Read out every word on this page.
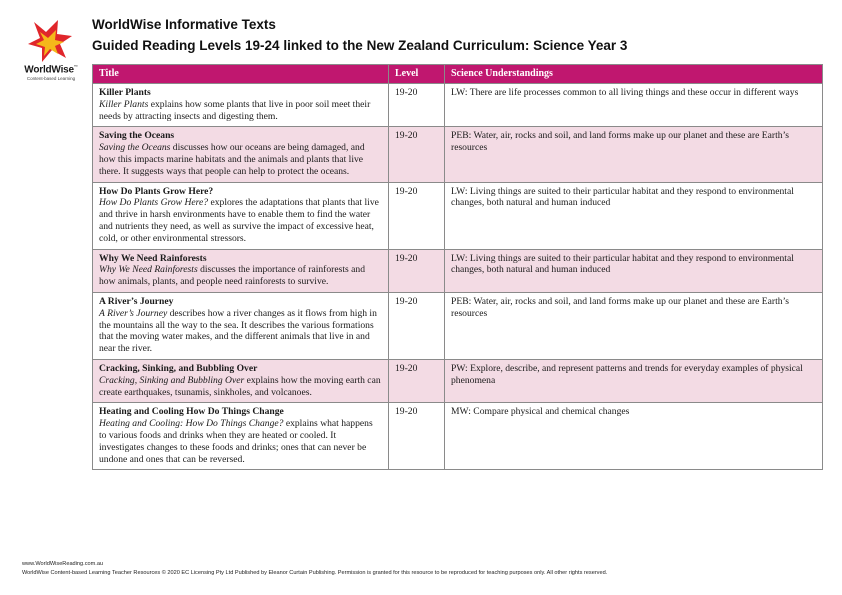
WorldWise™
Content-based Learning
WorldWise Informative Texts
Guided Reading Levels 19-24 linked to the New Zealand Curriculum: Science Year 3
Title	Level	Science Understandings

Killer Plants
Killer Plants explains how some plants that live in poor soil meet their needs by attracting insects and digesting them.	19-20	LW: There are life processes common to all living things and these occur in different ways

Saving the Oceans
Saving the Oceans discusses how our oceans are being damaged, and how this impacts marine habitats and the animals and plants that live there. It suggests ways that people can help to protect the oceans.	19-20	PEB: Water, air, rocks and soil, and land forms make up our planet and these are Earth’s resources

How Do Plants Grow Here?
How Do Plants Grow Here? explores the adaptations that plants that live and thrive in harsh environments have to enable them to find the water and nutrients they need, as well as survive the impact of excessive heat, cold, or other environmental stressors.	19-20	LW: Living things are suited to their particular habitat and they respond to environmental changes, both natural and human induced

Why We Need Rainforests
Why We Need Rainforests discusses the importance of rainforests and how animals, plants, and people need rainforests to survive.	19-20	LW: Living things are suited to their particular habitat and they respond to environmental changes, both natural and human induced

A River’s Journey
A River’s Journey describes how a river changes as it flows from high in the mountains all the way to the sea. It describes the various formations that the moving water makes, and the different animals that live in and near the river.	19-20	PEB: Water, air, rocks and soil, and land forms make up our planet and these are Earth’s resources

Cracking, Sinking, and Bubbling Over
Cracking, Sinking and Bubbling Over explains how the moving earth can create earthquakes, tsunamis, sinkholes, and volcanoes.	19-20	PW: Explore, describe, and represent patterns and trends for everyday examples of physical phenomena

Heating and Cooling How Do Things Change
Heating and Cooling: How Do Things Change? explains what happens to various foods and drinks when they are heated or cooled. It investigates changes to these foods and drinks; ones that can never be undone and ones that can be reversed.	19-20	MW: Compare physical and chemical changes
www.WorldWiseReading.com.au
WorldWise Content-based Learning Teacher Resources © 2020 EC Licensing Pty Ltd Published by Eleanor Curtain Publishing. Permission is granted for this resource to be reproduced for teaching purposes only. All other rights reserved.
